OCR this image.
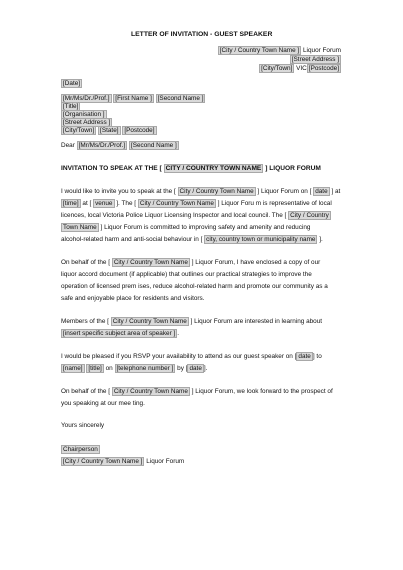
LETTER OF INVITATION - GUEST SPEAKER
[City / Country Town Name ] Liquor Forum
[Street Address ]
[City/Town] VIC [Postcode]
[Date]
[Mr/Ms/Dr./Prof.] [First Name ] [Second Name ]
[Title]
[Organisation ]
[Street Address ]
[City/Town] [State] [Postcode]
Dear [Mr/Ms/Dr./Prof.] [Second Name ]
INVITATION TO SPEAK AT THE [ CITY / COUNTRY TOWN NAME ] LIQUOR FORUM
I would like to invite you to speak at the [ City / Country Town Name ] Liquor Forum on [ date ] at
[time] at [ venue ]. The [ City / Country Town Name ] Liquor Foru m is representative of local
licences, local Victoria Police Liquor Licensing Inspector and local council. The [ City / Country
Town Name ] Liquor Forum is committed to improving safety and amenity and reducing
alcohol-related harm and anti-social behaviour in [ city, country town or municipality name ].
On behalf of the [ City / Country Town Name ] Liquor Forum, I have enclosed a copy of our
liquor accord document (if applicable) that outlines our practical strategies to improve the
operation of licensed prem ises, reduce alcohol-related harm and promote our community as a
safe and enjoyable place for residents and visitors.
Members of the [ City / Country Town Name ] Liquor Forum are interested in learning about
[insert specific subject area of speaker ] .
I would be pleased if you RSVP your availability to attend as our guest speaker on [ date ] to
[name] [title] on [telephone number ] by [ date ].
On behalf of the [ City / Country Town Name ] Liquor Forum, we look forward to the prospect of
you speaking at our mee ting.
Yours sincerely
Chairperson
[City / Country Town Name ] Liquor Forum
